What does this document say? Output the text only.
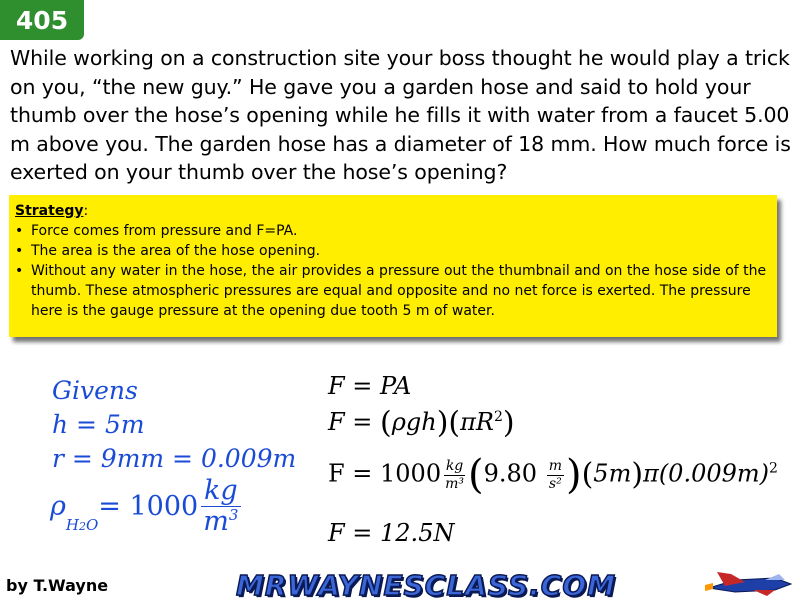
405
While working on a construction site your boss thought he would play a trick on you, “the new guy.” He gave you a garden hose and said to hold your thumb over the hose’s opening while he fills it with water from a faucet 5.00 m above you. The garden hose has a diameter of 18 mm. How much force is exerted on your thumb over the hose’s opening?
Strategy:
• Force comes from pressure and F=PA.
• The area is the area of the hose opening.
• Without any water in the hose, the air provides a pressure out the thumbnail and on the hose side of the thumb. These atmospheric pressures are equal and opposite and no net force is exerted. The pressure here is the gauge pressure at the opening due tooth 5 m of water.
Givens
h = 5m
r = 9mm = 0.009m
ρ
H2O
= $1000 \frac{kg}{m^3}$
F = PA
$F = (\rho gh)(\pi R^2)$
$F = 1000 \frac{kg}{\text{m³}} (9.80 \frac{m}{\text{s²}} )(5m)\pi(0.009m)^2$
F = 12.5N
by T.Wayne	MRWAYNESCLASS.COM
